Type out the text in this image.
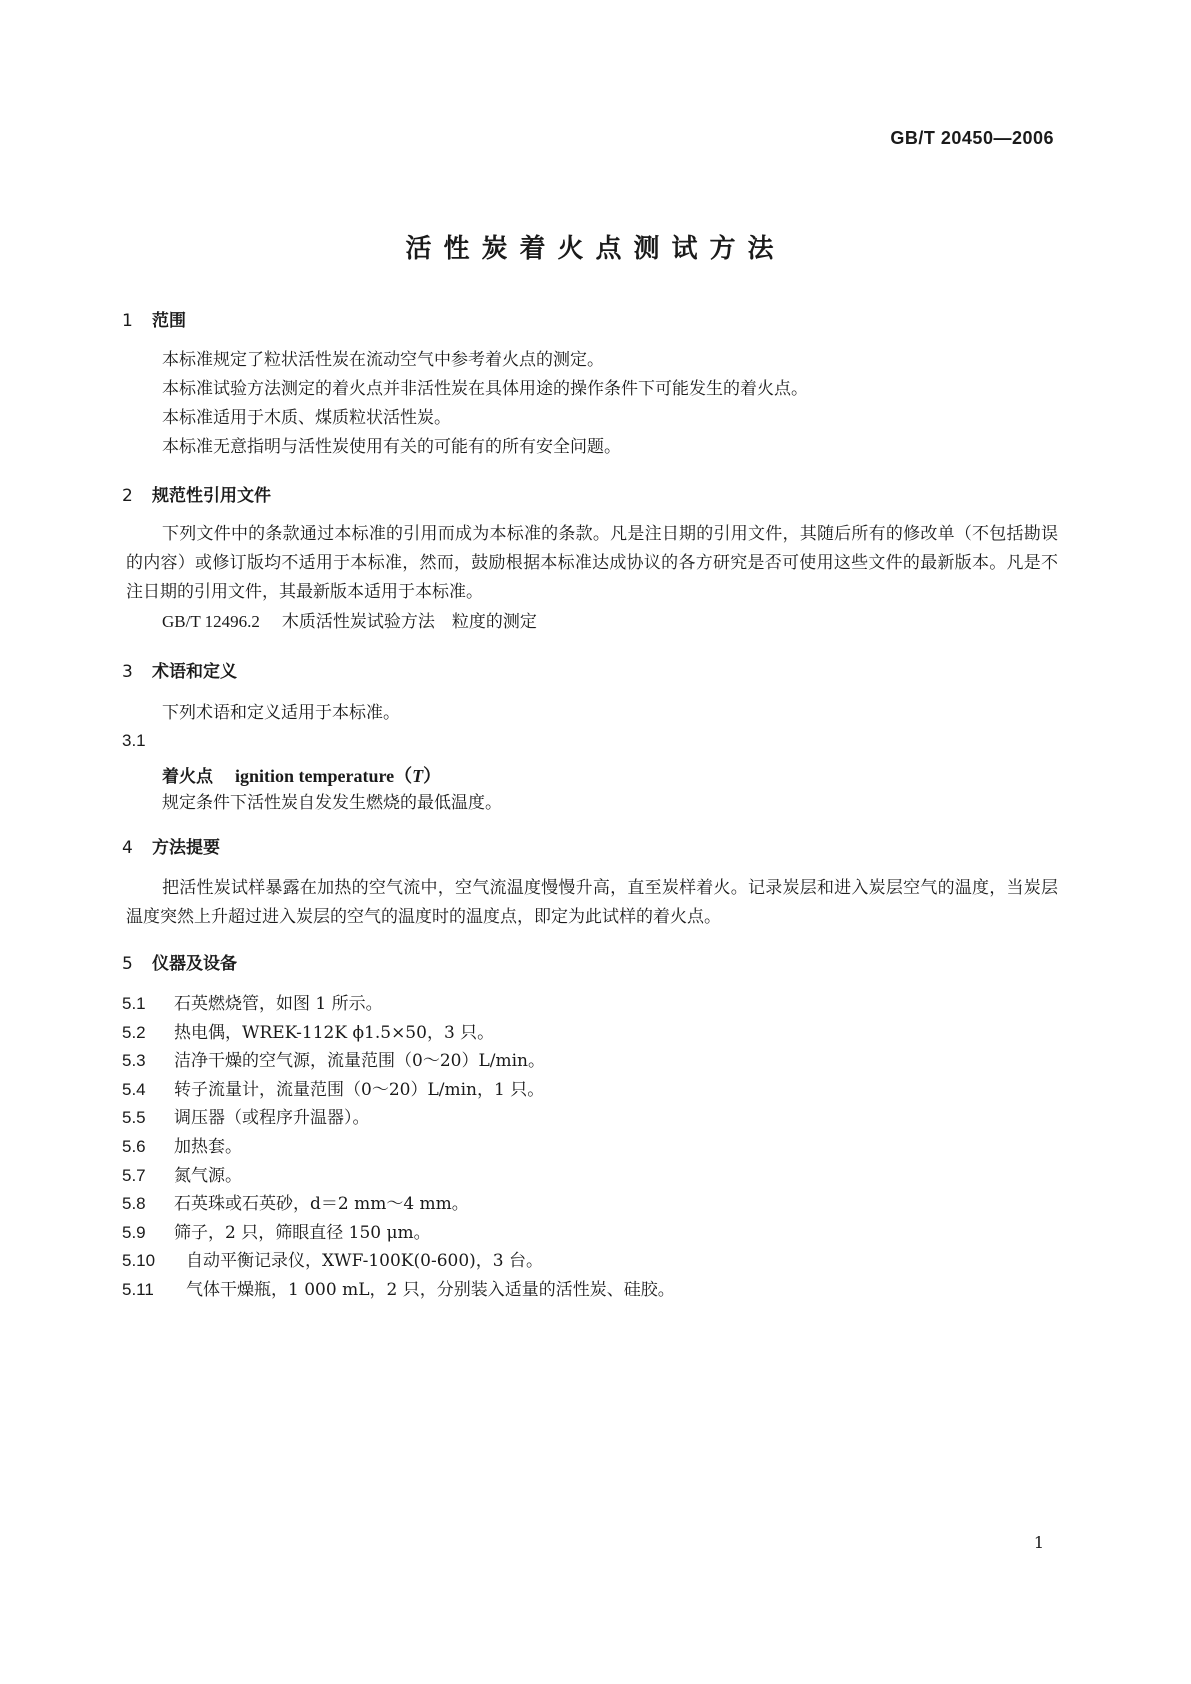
GB/T 20450—2006
活性炭着火点测试方法
1 范围
本标准规定了粒状活性炭在流动空气中参考着火点的测定。
本标准试验方法测定的着火点并非活性炭在具体用途的操作条件下可能发生的着火点。
本标准适用于木质、煤质粒状活性炭。
本标准无意指明与活性炭使用有关的可能有的所有安全问题。
2 规范性引用文件
下列文件中的条款通过本标准的引用而成为本标准的条款。凡是注日期的引用文件，其随后所有的修改单（不包括勘误的内容）或修订版均不适用于本标准，然而，鼓励根据本标准达成协议的各方研究是否可使用这些文件的最新版本。凡是不注日期的引用文件，其最新版本适用于本标准。
GB/T 12496.2 木质活性炭试验方法　粒度的测定
3 术语和定义
下列术语和定义适用于本标准。
3.1
着火点 ignition temperature（T）
规定条件下活性炭自发发生燃烧的最低温度。
4 方法提要
把活性炭试样暴露在加热的空气流中，空气流温度慢慢升高，直至炭样着火。记录炭层和进入炭层空气的温度，当炭层温度突然上升超过进入炭层的空气的温度时的温度点，即定为此试样的着火点。
5 仪器及设备
5.1 石英燃烧管，如图 1 所示。
5.2 热电偶，WREK-112K ϕ1.5×50，3 只。
5.3 洁净干燥的空气源，流量范围（0～20）L/min。
5.4 转子流量计，流量范围（0～20）L/min，1 只。
5.5 调压器（或程序升温器）。
5.6 加热套。
5.7 氮气源。
5.8 石英珠或石英砂，d＝2 mm～4 mm。
5.9 筛子，2 只，筛眼直径 150 μm。
5.10 自动平衡记录仪，XWF-100K(0-600)，3 台。
5.11 气体干燥瓶，1 000 mL，2 只，分别装入适量的活性炭、硅胶。
1
